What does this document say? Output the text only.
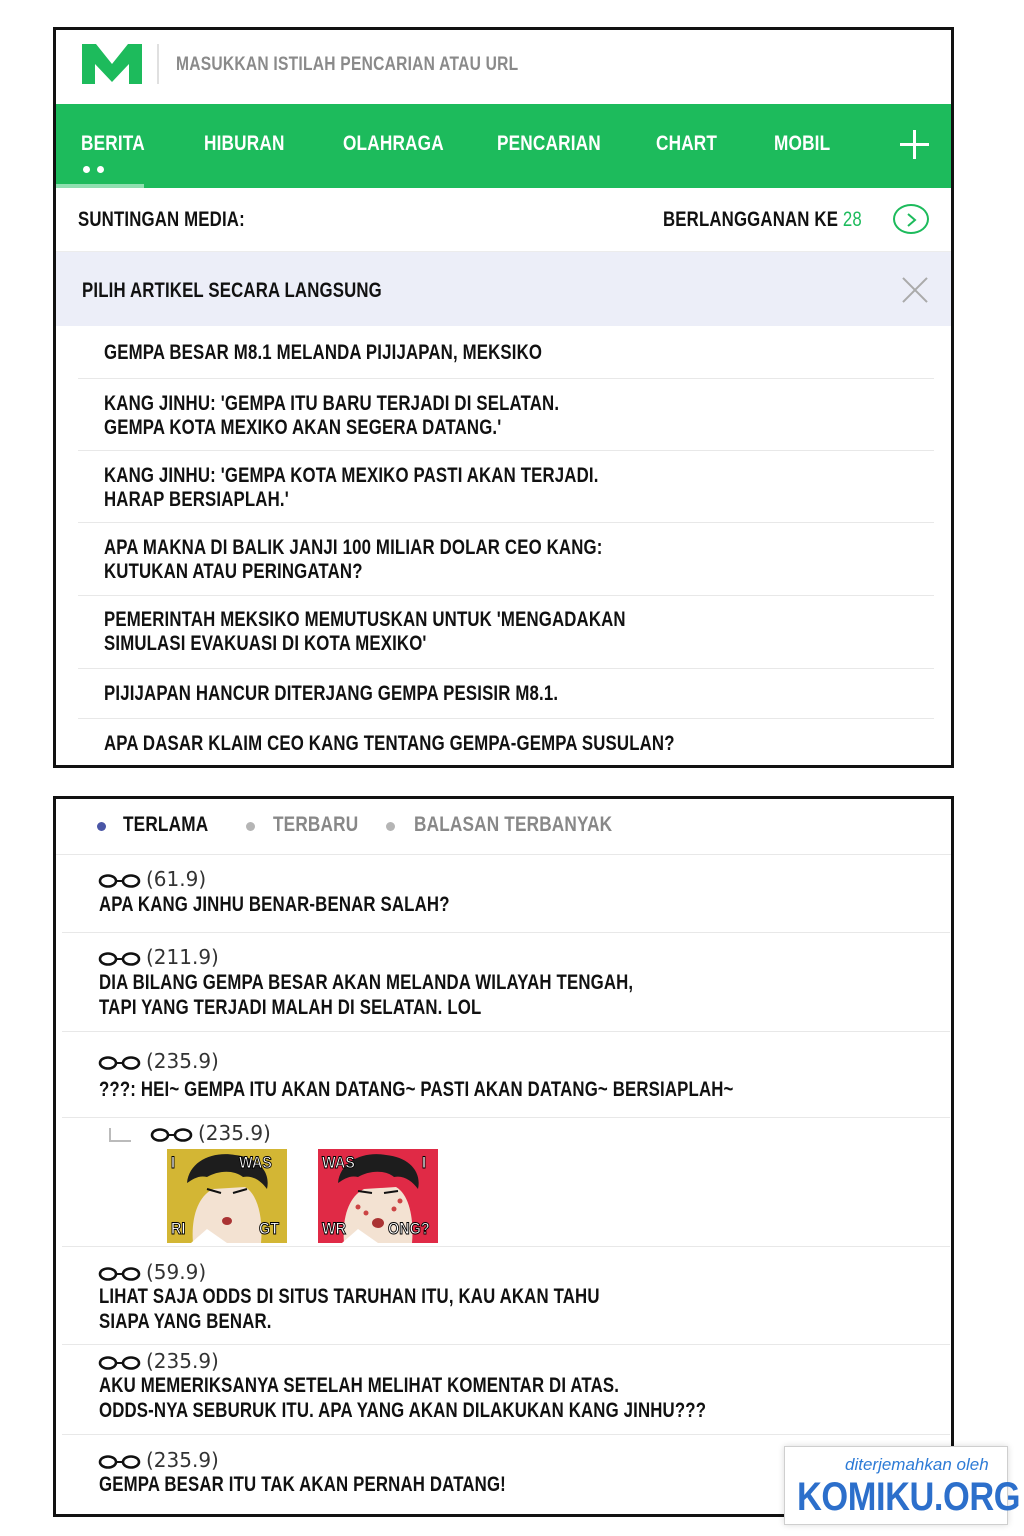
MASUKKAN ISTILAH PENCARIAN ATAU URL
BERITA	HIBURAN	OLAHRAGA	PENCARIAN	CHART	MOBIL
SUNTINGAN MEDIA:	BERLANGGANAN KE 28
PILIH ARTIKEL SECARA LANGSUNG
GEMPA BESAR M8.1 MELANDA PIJIJAPAN, MEKSIKO
KANG JINHU: 'GEMPA ITU BARU TERJADI DI SELATAN.
GEMPA KOTA MEXIKO AKAN SEGERA DATANG.'
KANG JINHU: 'GEMPA KOTA MEXIKO PASTI AKAN TERJADI.
HARAP BERSIAPLAH.'
APA MAKNA DI BALIK JANJI 100 MILIAR DOLAR CEO KANG:
KUTUKAN ATAU PERINGATAN?
PEMERINTAH MEKSIKO MEMUTUSKAN UNTUK 'MENGADAKAN
SIMULASI EVAKUASI DI KOTA MEXIKO'
PIJIJAPAN HANCUR DITERJANG GEMPA PESISIR M8.1.
APA DASAR KLAIM CEO KANG TENTANG GEMPA-GEMPA SUSULAN?
TERLAMA	TERBARU	BALASAN TERBANYAK
(61.9)
APA KANG JINHU BENAR-BENAR SALAH?
(211.9)
DIA BILANG GEMPA BESAR AKAN MELANDA WILAYAH TENGAH,
TAPI YANG TERJADI MALAH DI SELATAN. LOL
(235.9)
???: HEI~ GEMPA ITU AKAN DATANG~ PASTI AKAN DATANG~ BERSIAPLAH~
(235.9)
I	WAS
RI	GT
WAS	I
WR ONG?
(59.9)
LIHAT SAJA ODDS DI SITUS TARUHAN ITU, KAU AKAN TAHU
SIAPA YANG BENAR.
(235.9)
AKU MEMERIKSANYA SETELAH MELIHAT KOMENTAR DI ATAS.
ODDS-NYA SEBURUK ITU. APA YANG AKAN DILAKUKAN KANG JINHU???
(235.9)
GEMPA BESAR ITU TAK AKAN PERNAH DATANG!
diterjemahkan oleh
KOMIKU.ORG
